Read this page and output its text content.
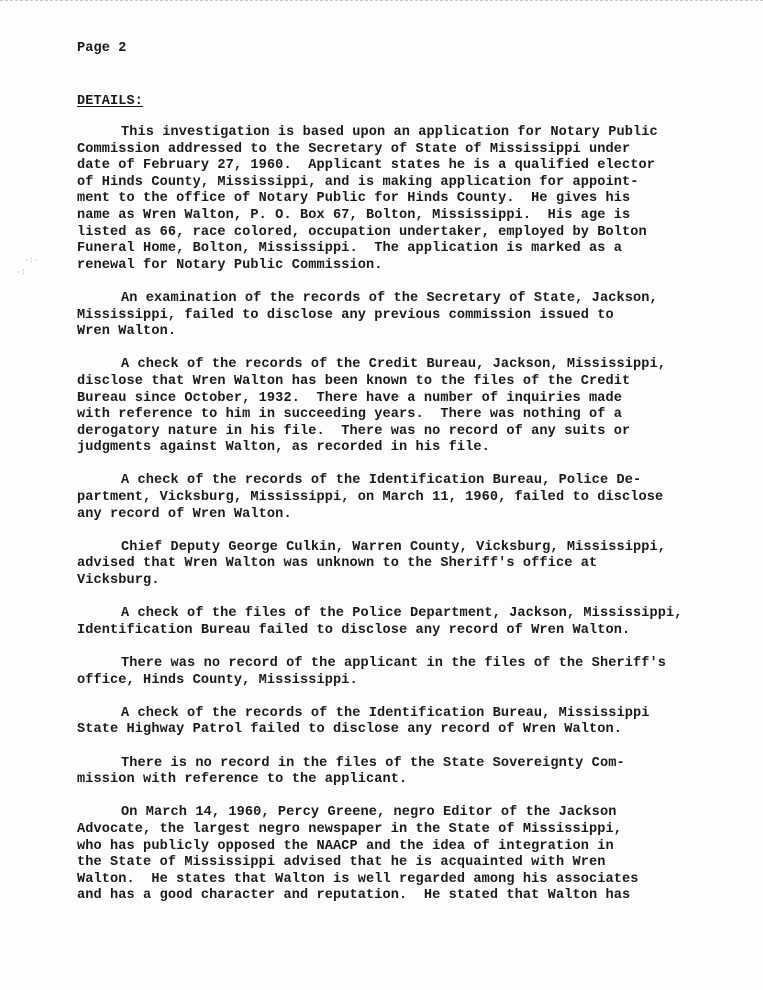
Page 2

DETAILS:

This investigation is based upon an application for Notary Public
Commission addressed to the Secretary of State of Mississippi under
date of February 27, 1960.  Applicant states he is a qualified elector
of Hinds County, Mississippi, and is making application for appoint-
ment to the office of Notary Public for Hinds County.  He gives his
name as Wren Walton, P. O. Box 67, Bolton, Mississippi.  His age is
listed as 66, race colored, occupation undertaker, employed by Bolton
Funeral Home, Bolton, Mississippi.  The application is marked as a
renewal for Notary Public Commission.
An examination of the records of the Secretary of State, Jackson,
Mississippi, failed to disclose any previous commission issued to
Wren Walton.
A check of the records of the Credit Bureau, Jackson, Mississippi,
disclose that Wren Walton has been known to the files of the Credit
Bureau since October, 1932.  There have a number of inquiries made
with reference to him in succeeding years.  There was nothing of a
derogatory nature in his file.  There was no record of any suits or
judgments against Walton, as recorded in his file.
A check of the records of the Identification Bureau, Police De-
partment, Vicksburg, Mississippi, on March 11, 1960, failed to disclose
any record of Wren Walton.
Chief Deputy George Culkin, Warren County, Vicksburg, Mississippi,
advised that Wren Walton was unknown to the Sheriff's office at
Vicksburg.
A check of the files of the Police Department, Jackson, Mississippi,
Identification Bureau failed to disclose any record of Wren Walton.
There was no record of the applicant in the files of the Sheriff's
office, Hinds County, Mississippi.
A check of the records of the Identification Bureau, Mississippi
State Highway Patrol failed to disclose any record of Wren Walton.
There is no record in the files of the State Sovereignty Com-
mission with reference to the applicant.
On March 14, 1960, Percy Greene, negro Editor of the Jackson
Advocate, the largest negro newspaper in the State of Mississippi,
who has publicly opposed the NAACP and the idea of integration in
the State of Mississippi advised that he is acquainted with Wren
Walton.  He states that Walton is well regarded among his associates
and has a good character and reputation.  He stated that Walton has
·:·
·:
